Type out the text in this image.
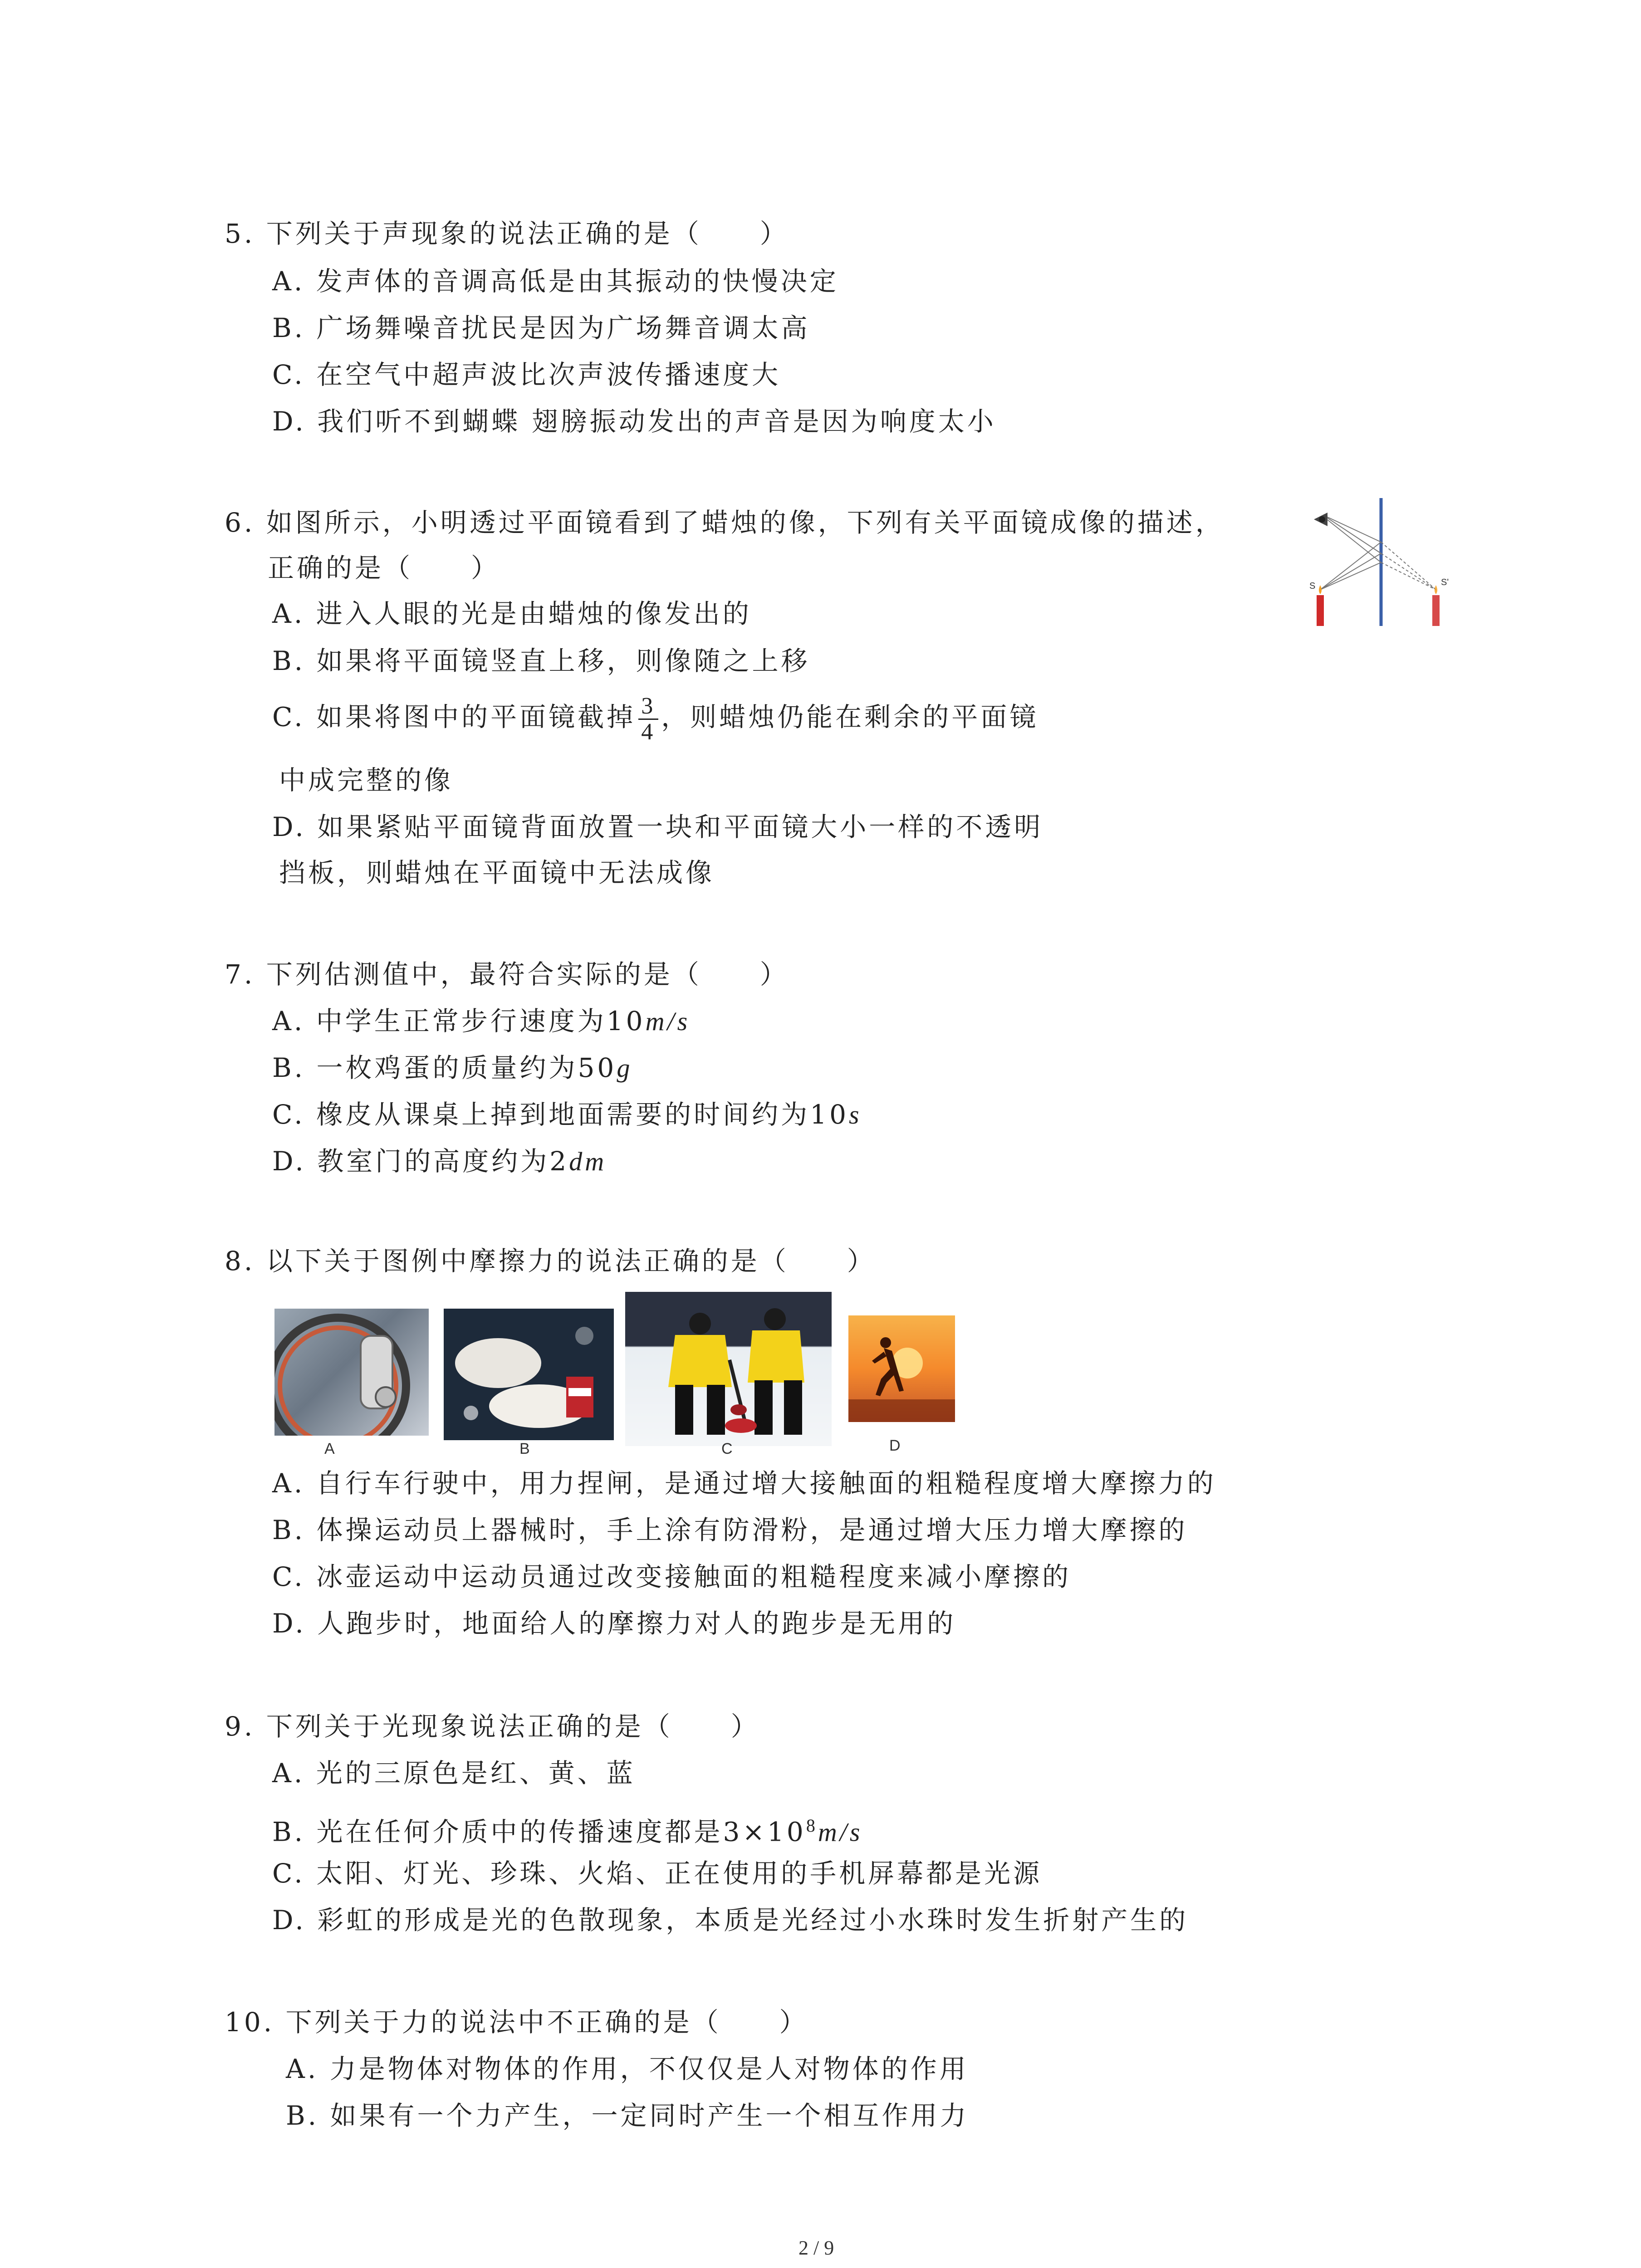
5. 下列关于声现象的说法正确的是（　　）
A. 发声体的音调高低是由其振动的快慢决定
B. 广场舞噪音扰民是因为广场舞音调太高
C. 在空气中超声波比次声波传播速度大
D. 我们听不到蝴蝶 翅膀振动发出的声音是因为响度太小
6. 如图所示，小明透过平面镜看到了蜡烛的像，下列有关平面镜成像的描述，
正确的是（　　）
A. 进入人眼的光是由蜡烛的像发出的
B. 如果将平面镜竖直上移，则像随之上移
C. 如果将图中的平面镜截掉 $\frac{3}{4}$ ，则蜡烛仍能在剩余的平面镜
中成完整的像
D. 如果紧贴平面镜背面放置一块和平面镜大小一样的不透明
挡板，则蜡烛在平面镜中无法成像
S	S'
7. 下列估测值中，最符合实际的是（　　）
A. 中学生正常步行速度为10m/s
B. 一枚鸡蛋的质量约为50g
C. 橡皮从课桌上掉到地面需要的时间约为10s
D. 教室门的高度约为2dm
8. 以下关于图例中摩擦力的说法正确的是（　　）
A	B	C	D
A. 自行车行驶中，用力捏闸，是通过增大接触面的粗糙程度增大摩擦力的
B. 体操运动员上器械时，手上涂有防滑粉，是通过增大压力增大摩擦的
C. 冰壶运动中运动员通过改变接触面的粗糙程度来减小摩擦的
D. 人跑步时，地面给人的摩擦力对人的跑步是无用的
9. 下列关于光现象说法正确的是（　　）
A. 光的三原色是红、黄、蓝
B. 光在任何介质中的传播速度都是$3\times 10^8m/s$
C. 太阳、灯光、珍珠、火焰、正在使用的手机屏幕都是光源
D. 彩虹的形成是光的色散现象，本质是光经过小水珠时发生折射产生的
10. 下列关于力的说法中不正确的是（　　）
A. 力是物体对物体的作用，不仅仅是人对物体的作用
B. 如果有一个力产生，一定同时产生一个相互作用力
2 / 9
